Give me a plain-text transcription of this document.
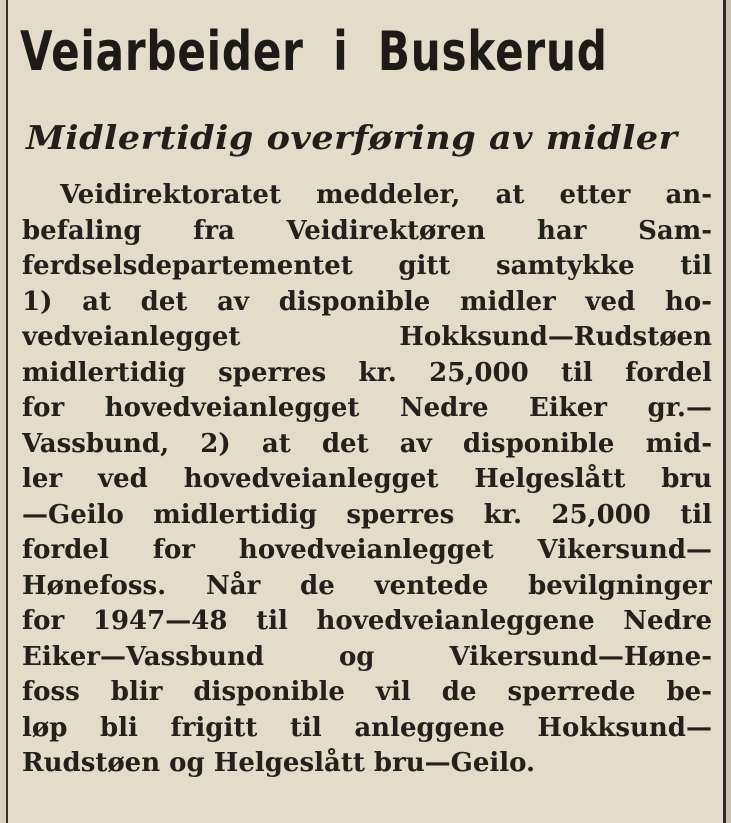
Veiarbeider i Buskerud
Midlertidig overføring av midler
Veidirektoratet meddeler, at etter an-
befaling fra Veidirektøren har Sam-
ferdselsdepartementet gitt samtykke til
1) at det av disponible midler ved ho-
vedveianlegget Hokksund—Rudstøen
midlertidig sperres kr. 25,000 til fordel
for hovedveianlegget Nedre Eiker gr.—
Vassbund, 2) at det av disponible mid-
ler ved hovedveianlegget Helgeslått bru
—Geilo midlertidig sperres kr. 25,000 til
fordel for hovedveianlegget Vikersund—
Hønefoss. Når de ventede bevilgninger
for 1947—48 til hovedveianleggene Nedre
Eiker—Vassbund og Vikersund—Høne-
foss blir disponible vil de sperrede be-
løp bli frigitt til anleggene Hokksund—
Rudstøen og Helgeslått bru—Geilo.
